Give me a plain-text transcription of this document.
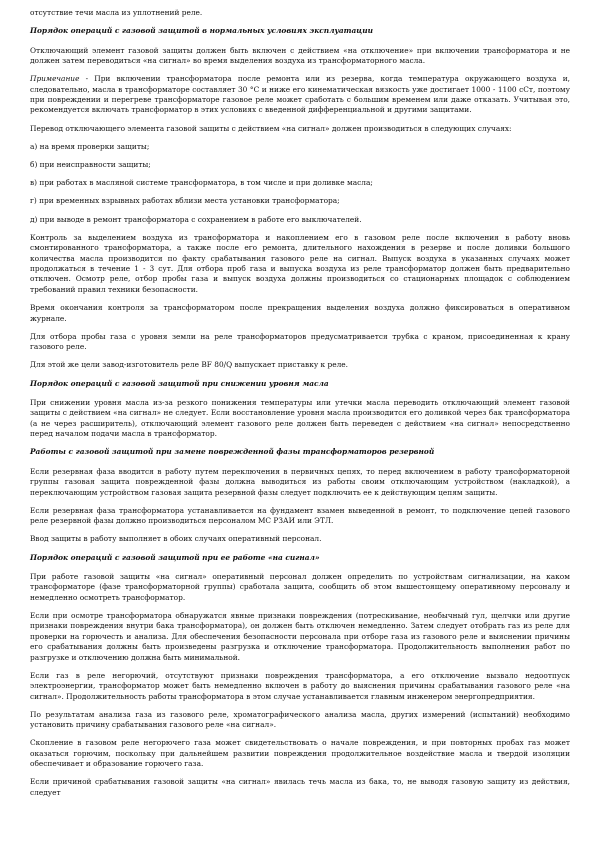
отсутствие течи масла из уплотнений реле.

Порядок операций с газовой защитой в нормальных условиях эксплуатации

Отключающий элемент газовой защиты должен быть включен с действием «на отключение» при включении трансформатора и не должен затем переводиться «на сигнал» во время выделения воздуха из трансформаторного масла.

Примечание - При включении трансформатора после ремонта или из резерва, когда температура окружающего воздуха и, следовательно, масла в трансформаторе составляет 30 °С и ниже его кинематическая вязкость уже достигает 1000 - 1100 сСт, поэтому при повреждении и перегреве трансформаторе газовое реле может сработать с большим временем или даже отказать. Учитывая это, рекомендуется включать трансформатор в этих условиях с введенной дифференциальной и другими защитами.

Перевод отключающего элемента газовой защиты с действием «на сигнал» должен производиться в следующих случаях:

а) на время проверки защиты;

б) при неисправности защиты;

в) при работах в масляной системе трансформатора, в том числе и при доливке масла;

г) при временных взрывных работах вблизи места установки трансформатора;

д) при выводе в ремонт трансформатора с сохранением в работе его выключателей.

Контроль за выделением воздуха из трансформатора и накоплением его в газовом реле после включения в работу вновь смонтированного трансформатора, а также после его ремонта, длительного нахождения в резерве и после доливки большого количества масла производится по факту срабатывания газового реле на сигнал. Выпуск воздуха в указанных случаях может продолжаться в течение 1 - 3 сут. Для отбора проб газа и выпуска воздуха из реле трансформатор должен быть предварительно отключен. Осмотр реле, отбор пробы газа и выпуск воздуха должны производиться со стационарных площадок с соблюдением требований правил техники безопасности.

Время окончания контроля за трансформатором после прекращения выделения воздуха должно фиксироваться в оперативном журнале.

Для отбора пробы газа с уровня земли на реле трансформаторов предусматривается трубка с краном, присоединенная к крану газового реле.

Для этой же цели завод-изготовитель реле BF 80/Q выпускает приставку к реле.

Порядок операций с газовой защитой при снижении уровня масла

При снижении уровня масла из-за резкого понижения температуры или утечки масла переводить отключающий элемент газовой защиты с действием «на сигнал» не следует. Если восстановление уровня масла производится его доливкой через бак трансформатора (а не через расширитель), отключающий элемент газового реле должен быть переведен с действием «на сигнал» непосредственно перед началом подачи масла в трансформатор.

Работы с газовой защитой при замене поврежденной фазы трансформаторов резервной

Если резервная фаза вводится в работу путем переключения в первичных цепях, то перед включением в работу трансформаторной группы газовая защита поврежденной фазы должна выводиться из работы своим отключающим устройством (накладкой), а переключающим устройством газовая защита резервной фазы следует подключить ее к действующим цепям защиты.

Если резервная фаза трансформатора устанавливается на фундамент взамен выведенной в ремонт, то подключение цепей газового реле резервной фазы должно производиться персоналом МС РЗАИ или ЭТЛ.

Ввод защиты в работу выполняет в обоих случаях оперативный персонал.

Порядок операций с газовой защитой при ее работе «на сигнал»

При работе газовой защиты «на сигнал» оперативный персонал должен определить по устройствам сигнализации, на каком трансформаторе (фазе трансформаторной группы) сработала защита, сообщить об этом вышестоящему оперативному персоналу и немедленно осмотреть трансформатор.

Если при осмотре трансформатора обнаружатся явные признаки повреждения (потрескивание, необычный гул, щелчки или другие признаки повреждения внутри бака трансформатора), он должен быть отключен немедленно. Затем следует отобрать газ из реле для проверки на горючесть и анализа. Для обеспечения безопасности персонала при отборе газа из газового реле и выяснении причины его срабатывания должны быть произведены разгрузка и отключение трансформатора. Продолжительность выполнения работ по разгрузке и отключению должна быть минимальной.

Если газ в реле негорючий, отсутствуют признаки повреждения трансформатора, а его отключение вызвало недоотпуск электроэнергии, трансформатор может быть немедленно включен в работу до выяснения причины срабатывания газового реле «на сигнал». Продолжительность работы трансформатора в этом случае устанавливается главным инженером энергопредприятия.

По результатам анализа газа из газового реле, хроматографического анализа масла, других измерений (испытаний) необходимо установить причину срабатывания газового реле «на сигнал».

Скопление в газовом реле негорючего газа может свидетельствовать о начале повреждения, и при повторных пробах газ может оказаться горючим, поскольку при дальнейшем развитии повреждения продолжительное воздействие масла и твердой изоляции обеспечивает и образование горючего газа.

Если причиной срабатывания газовой защиты «на сигнал» явилась течь масла из бака, то, не выводя газовую защиту из действия, следует
